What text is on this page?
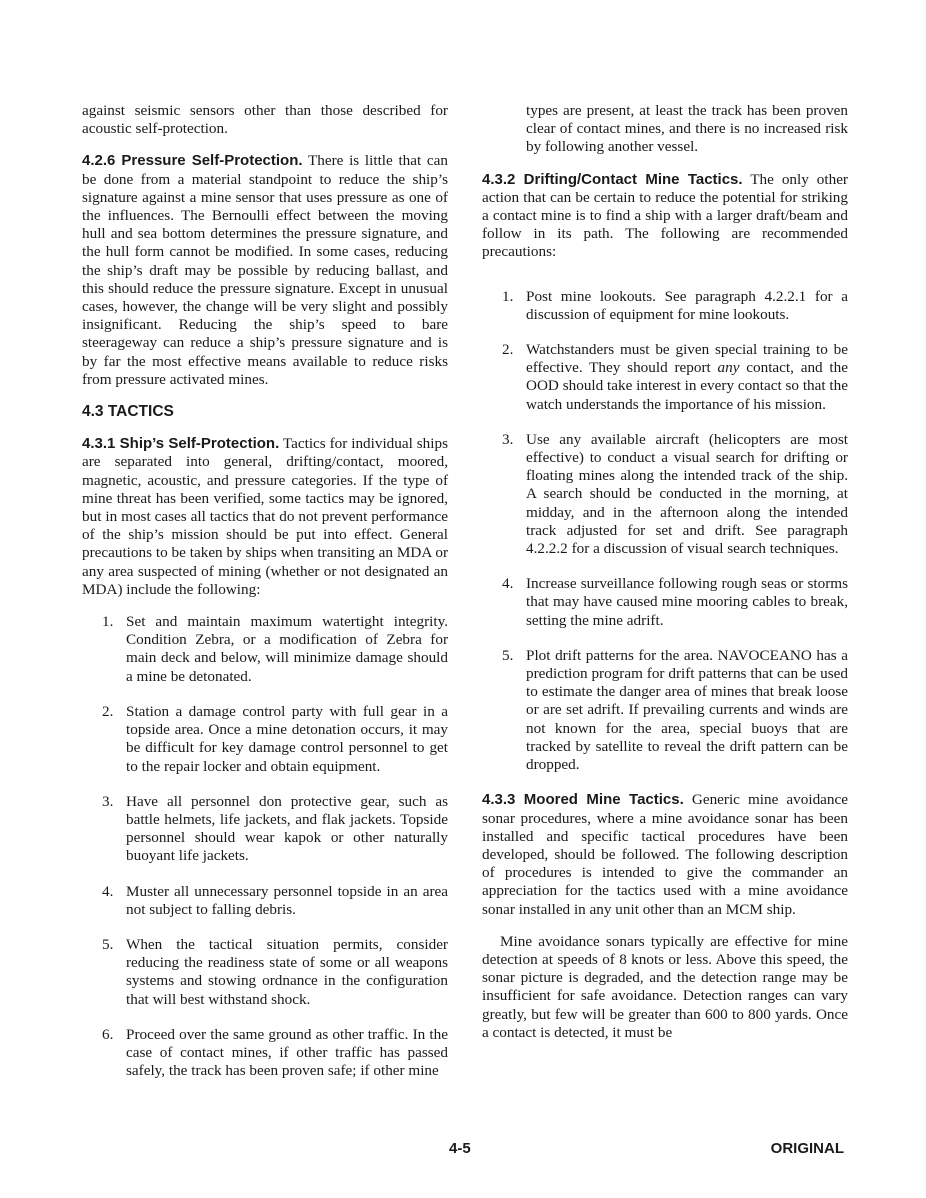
against seismic sensors other than those described for acoustic self-protection.

4.2.6 Pressure Self-Protection. There is little that can be done from a material standpoint to reduce the ship’s signature against a mine sensor that uses pressure as one of the influences. The Bernoulli effect between the moving hull and sea bottom determines the pressure signature, and the hull form cannot be modified. In some cases, reducing the ship’s draft may be possible by reducing ballast, and this should reduce the pressure signature. Except in unusual cases, however, the change will be very slight and possibly insignificant. Reducing the ship’s speed to bare steerageway can reduce a ship’s pressure signature and is by far the most effective means available to reduce risks from pressure activated mines.

4.3 TACTICS

4.3.1 Ship’s Self-Protection. Tactics for individual ships are separated into general, drifting/contact, moored, magnetic, acoustic, and pressure categories. If the type of mine threat has been verified, some tactics may be ignored, but in most cases all tactics that do not prevent performance of the ship’s mission should be put into effect. General precautions to be taken by ships when transiting an MDA or any area suspected of mining (whether or not designated an MDA) include the following:

1. Set and maintain maximum watertight integrity. Condition Zebra, or a modification of Zebra for main deck and below, will minimize damage should a mine be detonated.
2. Station a damage control party with full gear in a topside area. Once a mine detonation occurs, it may be difficult for key damage control personnel to get to the repair locker and obtain equipment.
3. Have all personnel don protective gear, such as battle helmets, life jackets, and flak jackets. Topside personnel should wear kapok or other naturally buoyant life jackets.
4. Muster all unnecessary personnel topside in an area not subject to falling debris.
5. When the tactical situation permits, consider reducing the readiness state of some or all weapons systems and stowing ordnance in the configuration that will best withstand shock.
6. Proceed over the same ground as other traffic. In the case of contact mines, if other traffic has passed safely, the track has been proven safe; if other mine

types are present, at least the track has been proven clear of contact mines, and there is no increased risk by following another vessel.

4.3.2 Drifting/Contact Mine Tactics. The only other action that can be certain to reduce the potential for striking a contact mine is to find a ship with a larger draft/beam and follow in its path. The following are recommended precautions:

1. Post mine lookouts. See paragraph 4.2.2.1 for a discussion of equipment for mine lookouts.
2. Watchstanders must be given special training to be effective. They should report any contact, and the OOD should take interest in every contact so that the watch understands the importance of his mission.
3. Use any available aircraft (helicopters are most effective) to conduct a visual search for drifting or floating mines along the intended track of the ship. A search should be conducted in the morning, at midday, and in the afternoon along the intended track adjusted for set and drift. See paragraph 4.2.2.2 for a discussion of visual search techniques.
4. Increase surveillance following rough seas or storms that may have caused mine mooring cables to break, setting the mine adrift.
5. Plot drift patterns for the area. NAVOCEANO has a prediction program for drift patterns that can be used to estimate the danger area of mines that break loose or are set adrift. If prevailing currents and winds are not known for the area, special buoys that are tracked by satellite to reveal the drift pattern can be dropped.

4.3.3 Moored Mine Tactics. Generic mine avoidance sonar procedures, where a mine avoidance sonar has been installed and specific tactical procedures have been developed, should be followed. The following description of procedures is intended to give the commander an appreciation for the tactics used with a mine avoidance sonar installed in any unit other than an MCM ship.

Mine avoidance sonars typically are effective for mine detection at speeds of 8 knots or less. Above this speed, the sonar picture is degraded, and the detection range may be insufficient for safe avoidance. Detection ranges can vary greatly, but few will be greater than 600 to 800 yards. Once a contact is detected, it must be

4-5	ORIGINAL
